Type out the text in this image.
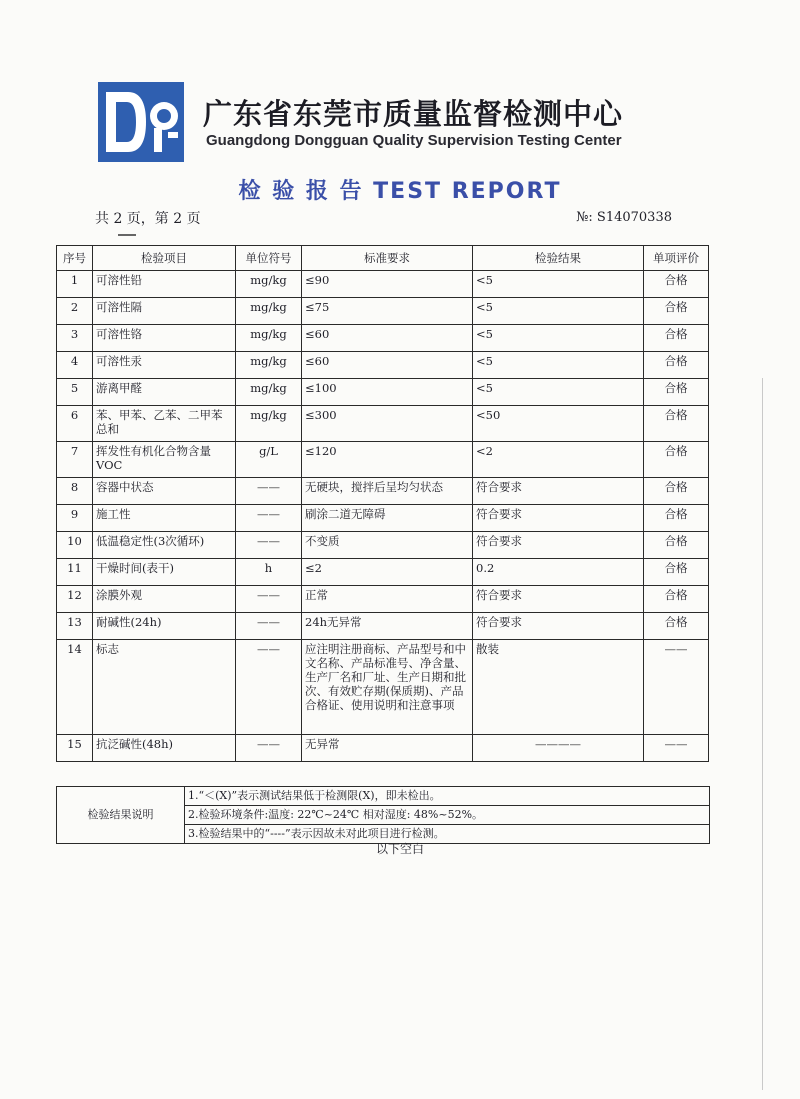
广东省东莞市质量监督检测中心
Guangdong Dongguan Quality Supervision Testing Center
检 验 报 告 TEST REPORT
共 2 页，第 2 页	№: S14070338
序号	检验项目	单位符号	标准要求	检验结果	单项评价
1	可溶性铅	mg/kg	≤90	<5	合格
2	可溶性隔	mg/kg	≤75	<5	合格
3	可溶性铬	mg/kg	≤60	<5	合格
4	可溶性汞	mg/kg	≤60	<5	合格
5	游离甲醛	mg/kg	≤100	<5	合格
6	苯、甲苯、乙苯、二甲苯总和	mg/kg	≤300	<50	合格
7	挥发性有机化合物含量VOC	g/L	≤120	<2	合格
8	容器中状态	——	无硬块，搅拌后呈均匀状态	符合要求	合格
9	施工性	——	刷涂二道无障碍	符合要求	合格
10	低温稳定性(3次循环)	——	不变质	符合要求	合格
11	干燥时间(表干)	h	≤2	0.2	合格
12	涂膜外观	——	正常	符合要求	合格
13	耐碱性(24h)	——	24h无异常	符合要求	合格
14	标志	——	应注明注册商标、产品型号和中文名称、产品标准号、净含量、生产厂名和厂址、生产日期和批次、有效贮存期(保质期)、产品合格证、使用说明和注意事项	散装	——
15	抗泛碱性(48h)	——	无异常	————	——
检验结果说明	1.“＜(X)”表示测试结果低于检测限(X)，即未检出。
2.检验环境条件:温度: 22℃~24℃ 相对湿度: 48%~52%。
3.检验结果中的“----”表示因故未对此项目进行检测。
以下空白
